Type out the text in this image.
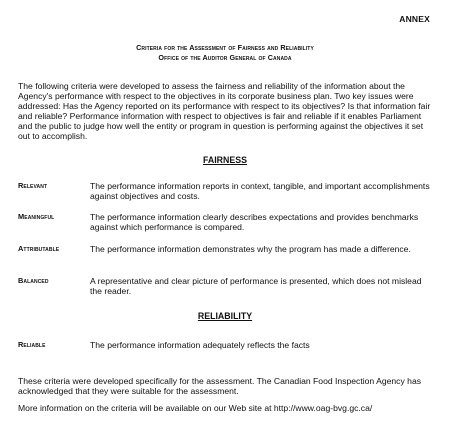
ANNEX
Criteria for the Assessment of Fairness and Reliability
Office of the Auditor General of Canada
The following criteria were developed to assess the fairness and reliability of the information about the Agency's performance with respect to the objectives in its corporate business plan. Two key issues were addressed: Has the Agency reported on its performance with respect to its objectives? Is that information fair and reliable? Performance information with respect to objectives is fair and reliable if it enables Parliament and the public to judge how well the entity or program in question is performing against the objectives it set out to accomplish.
FAIRNESS
Relevant	The performance information reports in context, tangible, and important accomplishments against objectives and costs.
Meaningful	The performance information clearly describes expectations and provides benchmarks against which performance is compared.
Attributable	The performance information demonstrates why the program has made a difference.
Balanced	A representative and clear picture of performance is presented, which does not mislead the reader.
RELIABILITY
Reliable	The performance information adequately reflects the facts
These criteria were developed specifically for the assessment. The Canadian Food Inspection Agency has acknowledged that they were suitable for the assessment.
More information on the criteria will be available on our Web site at http://www.oag-bvg.gc.ca/
